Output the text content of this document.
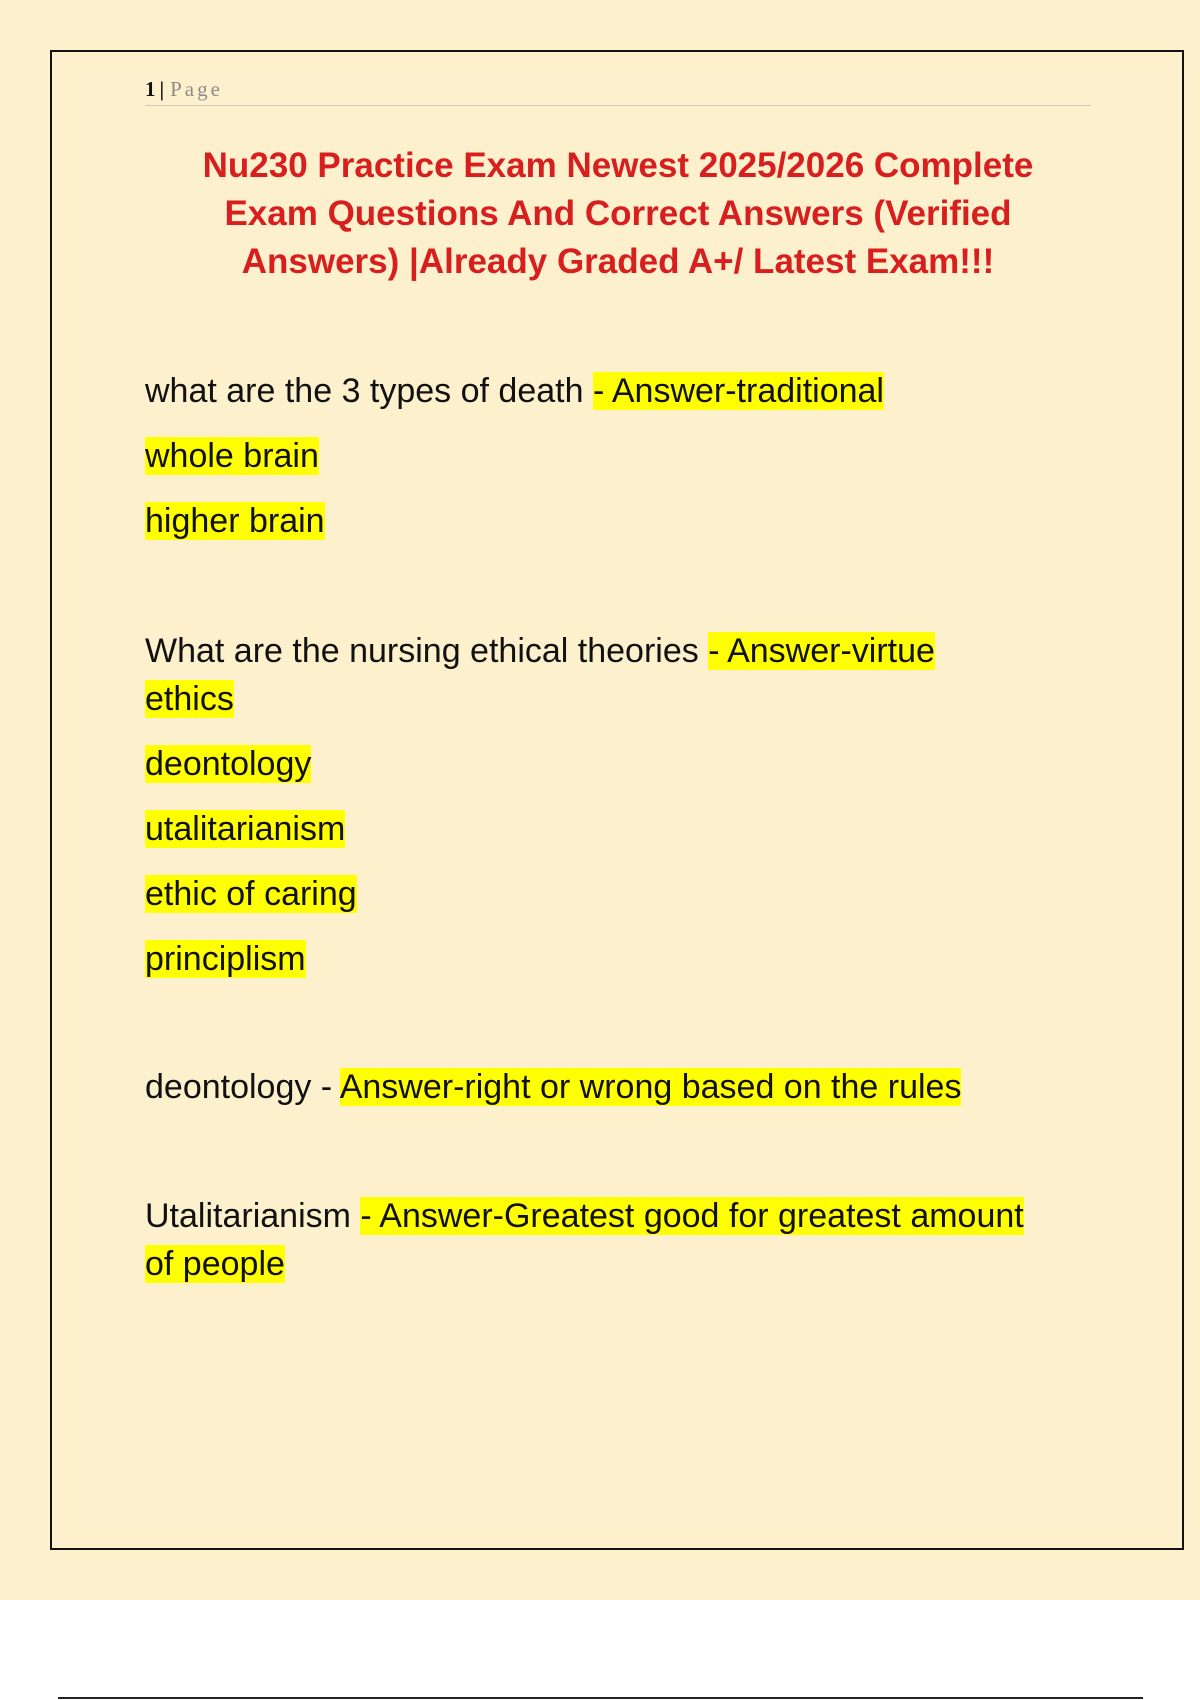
1 | Page
Nu230 Practice Exam Newest 2025/2026 Complete
Exam Questions And Correct Answers (Verified
Answers) |Already Graded A+/ Latest Exam!!!
what are the 3 types of death - Answer-traditional
whole brain
higher brain
What are the nursing ethical theories - Answer-virtue
ethics
deontology
utalitarianism
ethic of caring
principlism
deontology - Answer-right or wrong based on the rules
Utalitarianism - Answer-Greatest good for greatest amount
of people
